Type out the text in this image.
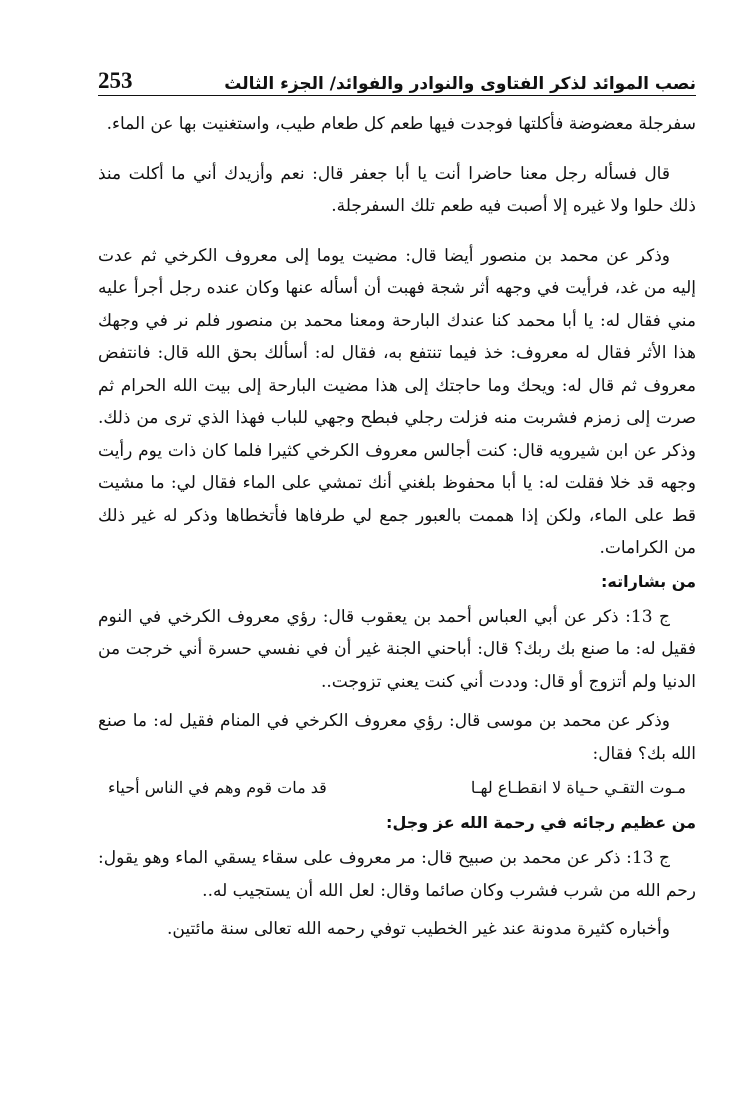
نصب الموائد لذكر الفتاوى والنوادر والفوائد/ الجزء الثالث
253

سفرجلة معضوضة فأكلتها فوجدت فيها طعم كل طعام طيب، واستغنيت بها عن الماء.

قال فسأله رجل معنا حاضرا أنت يا أبا جعفر قال: نعم وأزيدك أني ما أكلت منذ ذلك حلوا ولا غيره إلا أصبت فيه طعم تلك السفرجلة.

وذكر عن محمد بن منصور أيضا قال: مضيت يوما إلى معروف الكرخي ثم عدت إليه من غد، فرأيت في وجهه أثر شجة فهبت أن أسأله عنها وكان عنده رجل أجرأ عليه مني فقال له: يا أبا محمد كنا عندك البارحة ومعنا محمد بن منصور فلم نر في وجهك هذا الأثر فقال له معروف: خذ فيما تنتفع به، فقال له: أسألك بحق الله قال: فانتفض معروف ثم قال له: ويحك وما حاجتك إلى هذا مضيت البارحة إلى بيت الله الحرام ثم صرت إلى زمزم فشربت منه فزلت رجلي فبطح وجهي للباب فهذا الذي ترى من ذلك. وذكر عن ابن شيرويه قال: كنت أجالس معروف الكرخي كثيرا فلما كان ذات يوم رأيت وجهه قد خلا فقلت له: يا أبا محفوظ بلغني أنك تمشي على الماء فقال لي: ما مشيت قط على الماء، ولكن إذا هممت بالعبور جمع لي طرفاها فأتخطاها وذكر له غير ذلك من الكرامات.

من بشاراته:

ج 13: ذكر عن أبي العباس أحمد بن يعقوب قال: رؤي معروف الكرخي في النوم فقيل له: ما صنع بك ربك؟ قال: أباحني الجنة غير أن في نفسي حسرة أني خرجت من الدنيا ولم أتزوج أو قال: وددت أني كنت يعني تزوجت..

وذكر عن محمد بن موسى قال: رؤي معروف الكرخي في المنام فقيل له: ما صنع الله بك؟ فقال:

مـوت التقـي حـياة لا انقطـاع لهـا
قد مات قوم وهم في الناس أحياء
من عظيم رجائه في رحمة الله عز وجل:

ج 13: ذكر عن محمد بن صبيح قال: مر معروف على سقاء يسقي الماء وهو يقول: رحم الله من شرب فشرب وكان صائما وقال: لعل الله أن يستجيب له..

وأخباره كثيرة مدونة عند غير الخطيب توفي رحمه الله تعالى سنة مائتين.
